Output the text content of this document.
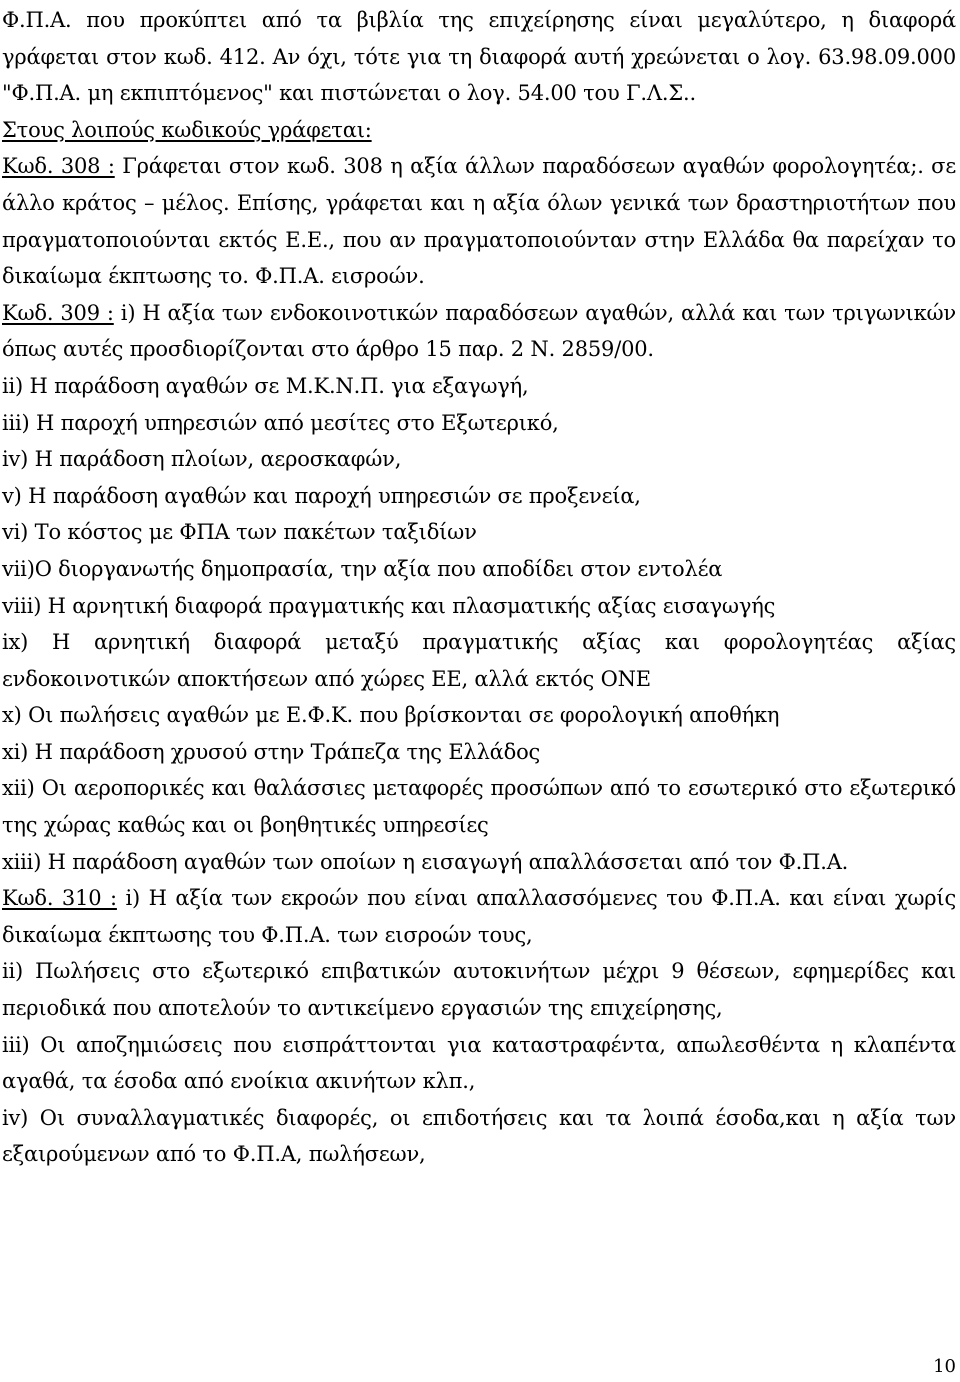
Φ.Π.Α. που προκύπτει από τα βιβλία της επιχείρησης είναι μεγαλύτερο, η διαφορά γράφεται στον κωδ. 412. Αν όχι, τότε για τη διαφορά αυτή χρεώνεται ο λογ. 63.98.09.000 "Φ.Π.Α. μη εκπιπτόμενος" και πιστώνεται ο λογ. 54.00 του Γ.Λ.Σ..

Στους λοιπούς κωδικούς γράφεται:

Κωδ. 308 : Γράφεται στον κωδ. 308 η αξία άλλων παραδόσεων αγαθών φορολογητέα;. σε άλλο κράτος – μέλος. Επίσης, γράφεται και η αξία όλων γενικά των δραστηριοτήτων που πραγματοποιούνται εκτός Ε.Ε., που αν πραγματοποιούνταν στην Ελλάδα θα παρείχαν το δικαίωμα έκπτωσης το. Φ.Π.Α. εισροών.

Κωδ. 309 : i) Η αξία των ενδοκοινοτικών παραδόσεων αγαθών, αλλά και των τριγωνικών όπως αυτές προσδιορίζονται στο άρθρο 15 παρ. 2 Ν. 2859/00.

ii) Η παράδοση αγαθών σε Μ.Κ.Ν.Π. για εξαγωγή,

iii) Η παροχή υπηρεσιών από μεσίτες στο Εξωτερικό,

iv) Η παράδοση πλοίων, αεροσκαφών,

v) Η παράδοση αγαθών και παροχή υπηρεσιών σε προξενεία,

vi) Το κόστος με ΦΠΑ των πακέτων ταξιδίων

vii)Ο διοργανωτής δημοπρασία, την αξία που αποδίδει στον εντολέα

viii) Η αρνητική διαφορά πραγματικής και πλασματικής αξίας εισαγωγής

ix) Η αρνητική διαφορά μεταξύ πραγματικής αξίας και φορολογητέας αξίας ενδοκοινοτικών αποκτήσεων από χώρες ΕΕ, αλλά εκτός ΟΝΕ

x) Οι πωλήσεις αγαθών με Ε.Φ.Κ. που βρίσκονται σε φορολογική αποθήκη

xi) Η παράδοση χρυσού στην Τράπεζα της Ελλάδος

xii) Οι αεροπορικές και θαλάσσιες μεταφορές προσώπων από το εσωτερικό στο εξωτερικό της χώρας καθώς και οι βοηθητικές υπηρεσίες

xiii) Η παράδοση αγαθών των οποίων η εισαγωγή απαλλάσσεται από τον Φ.Π.Α.

Κωδ. 310 : i) Η αξία των εκροών που είναι απαλλασσόμενες του Φ.Π.Α. και είναι χωρίς δικαίωμα έκπτωσης του Φ.Π.Α. των εισροών τους,

ii) Πωλήσεις στο εξωτερικό επιβατικών αυτοκινήτων μέχρι 9 θέσεων, εφημερίδες και περιοδικά που αποτελούν το αντικείμενο εργασιών της επιχείρησης,

iii) Οι αποζημιώσεις που εισπράττονται για καταστραφέντα, απωλεσθέντα η κλαπέντα αγαθά, τα έσοδα από ενοίκια ακινήτων κλπ.,

iv) Οι συναλλαγματικές διαφορές, οι επιδοτήσεις και τα λοιπά έσοδα,και η αξία των εξαιρούμενων από το Φ.Π.Α, πωλήσεων,

10
